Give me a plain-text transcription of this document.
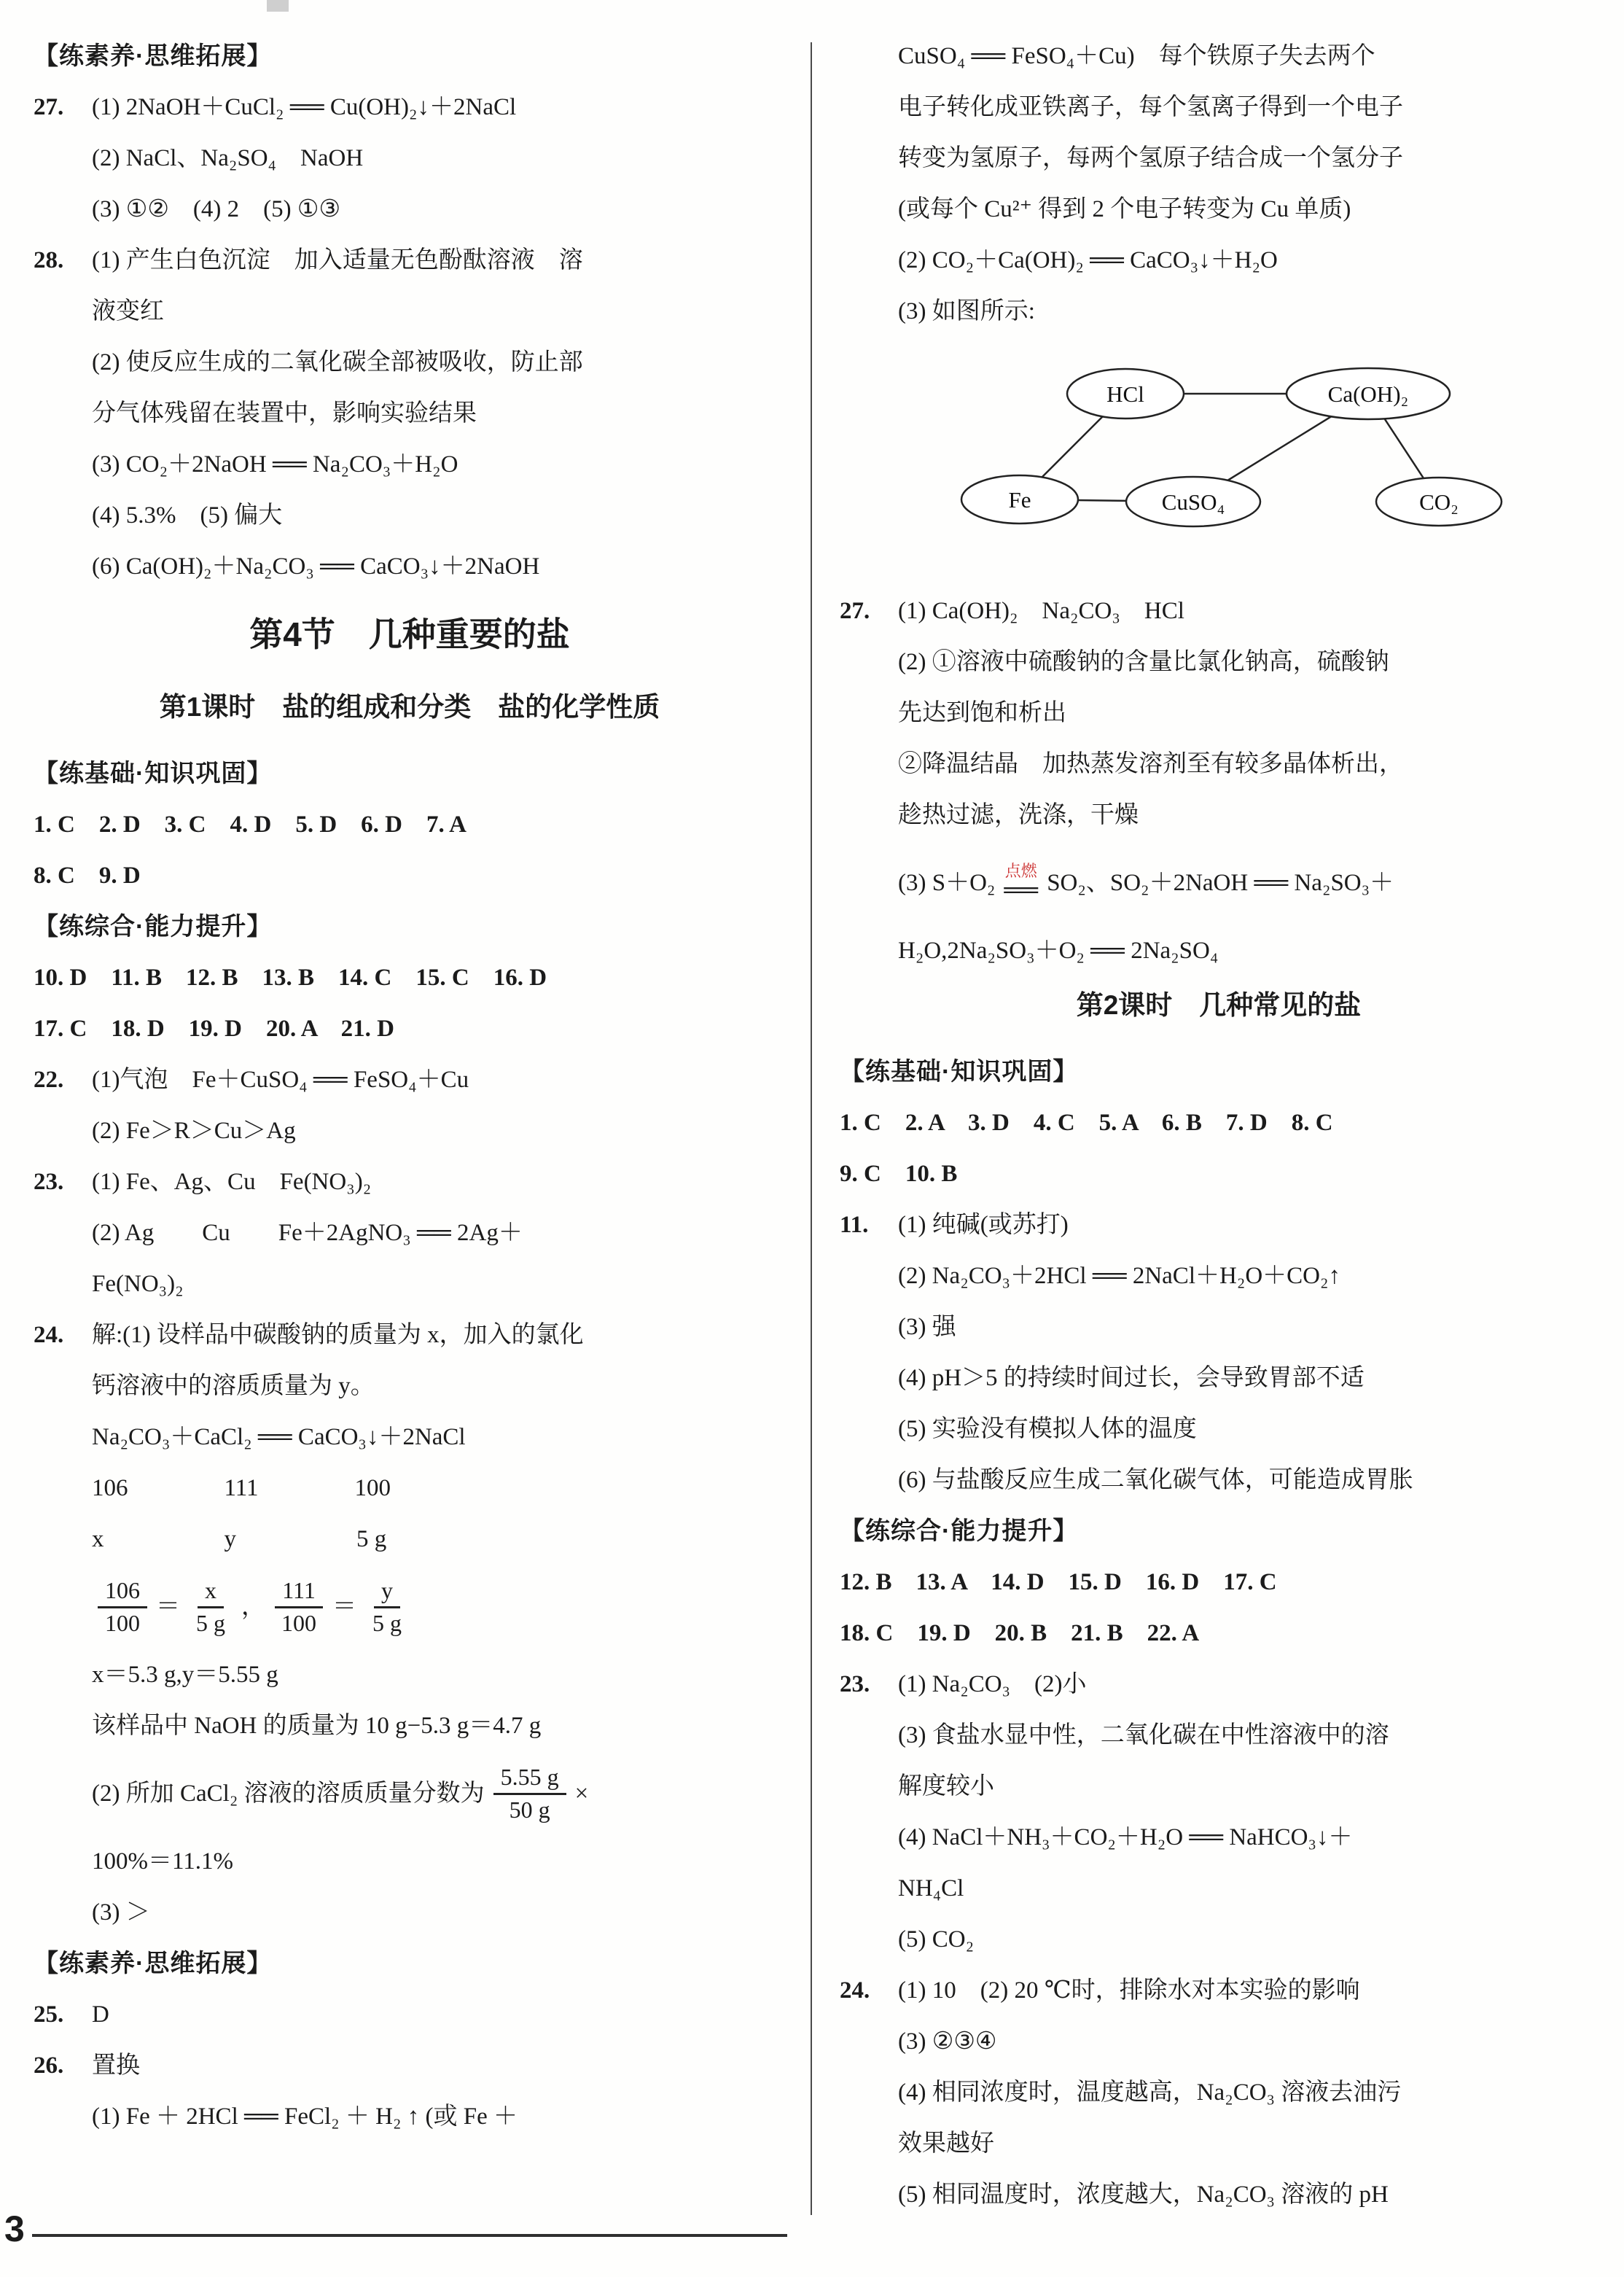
【练素养·思维拓展】
27. (1) 2NaOH＋CuCl₂ ══ Cu(OH)₂↓＋2NaCl
(2) NaCl、Na₂SO₄　NaOH
(3) ①②　(4) 2　(5) ①③
28. (1) 产生白色沉淀　加入适量无色酚酞溶液　溶
液变红
(2) 使反应生成的二氧化碳全部被吸收，防止部
分气体残留在装置中，影响实验结果
(3) CO₂＋2NaOH ══ Na₂CO₃＋H₂O
(4) 5.3%　(5) 偏大
(6) Ca(OH)₂＋Na₂CO₃ ══ CaCO₃↓＋2NaOH
第4节　几种重要的盐
第1课时　盐的组成和分类　盐的化学性质
【练基础·知识巩固】
1. C　2. D　3. C　4. D　5. D　6. D　7. A
8. C　9. D
【练综合·能力提升】
10. D　11. B　12. B　13. B　14. C　15. C　16. D
17. C　18. D　19. D　20. A　21. D
22. (1)气泡　Fe＋CuSO₄ ══ FeSO₄＋Cu
(2) Fe＞R＞Cu＞Ag
23. (1) Fe、Ag、Cu　Fe(NO₃)₂
(2) Ag　　Cu　　Fe＋2AgNO₃ ══ 2Ag＋
Fe(NO₃)₂
24. 解:(1) 设样品中碳酸钠的质量为 x，加入的氯化
钙溶液中的溶质质量为 y。
Na₂CO₃＋CaCl₂ ══ CaCO₃↓＋2NaCl
106　　　　111　　　　100
x　　　　　y　　　　　5 g
$\frac{106}{100} = \frac{x}{5 g}$ ， $\frac{111}{100} = \frac{y}{5 g}$
x＝5.3 g,y＝5.55 g
该样品中 NaOH 的质量为 10 g−5.3 g＝4.7 g
(2) 所加 CaCl₂ 溶液的溶质质量分数为 $\frac{5.55 g}{50 g}$ ×
100%＝11.1%
(3) ＞
【练素养·思维拓展】
25. D
26. 置换
(1) Fe ＋ 2HCl ══ FeCl₂ ＋ H₂ ↑ (或 Fe ＋
CuSO₄ ══ FeSO₄＋Cu)　每个铁原子失去两个
电子转化成亚铁离子，每个氢离子得到一个电子
转变为氢原子，每两个氢原子结合成一个氢分子
(或每个 Cu²⁺ 得到 2 个电子转变为 Cu 单质)
(2) CO₂＋Ca(OH)₂ ══ CaCO₃↓＋H₂O
(3) 如图所示:
HCl	Ca(OH)₂
Fe	CuSO₄	CO₂
27. (1) Ca(OH)₂　Na₂CO₃　HCl
(2) ①溶液中硫酸钠的含量比氯化钠高，硫酸钠
先达到饱和析出
②降温结晶　加热蒸发溶剂至有较多晶体析出，
趁热过滤，洗涤，干燥
(3) S＋O₂ 点燃
══ SO₂、SO₂＋2NaOH ══ Na₂SO₃＋
H₂O,2Na₂SO₃＋O₂ ══ 2Na₂SO₄
第2课时　几种常见的盐
【练基础·知识巩固】
1. C　2. A　3. D　4. C　5. A　6. B　7. D　8. C
9. C　10. B
11. (1) 纯碱(或苏打)
(2) Na₂CO₃＋2HCl ══ 2NaCl＋H₂O＋CO₂↑
(3) 强
(4) pH＞5 的持续时间过长，会导致胃部不适
(5) 实验没有模拟人体的温度
(6) 与盐酸反应生成二氧化碳气体，可能造成胃胀
【练综合·能力提升】
12. B　13. A　14. D　15. D　16. D　17. C
18. C　19. D　20. B　21. B　22. A
23. (1) Na₂CO₃　(2)小
(3) 食盐水显中性，二氧化碳在中性溶液中的溶
解度较小
(4) NaCl＋NH₃＋CO₂＋H₂O ══ NaHCO₃↓＋
NH₄Cl
(5) CO₂
24. (1) 10　(2) 20 ℃时，排除水对本实验的影响
(3) ②③④
(4) 相同浓度时，温度越高，Na₂CO₃ 溶液去油污
效果越好
(5) 相同温度时，浓度越大，Na₂CO₃ 溶液的 pH
3
